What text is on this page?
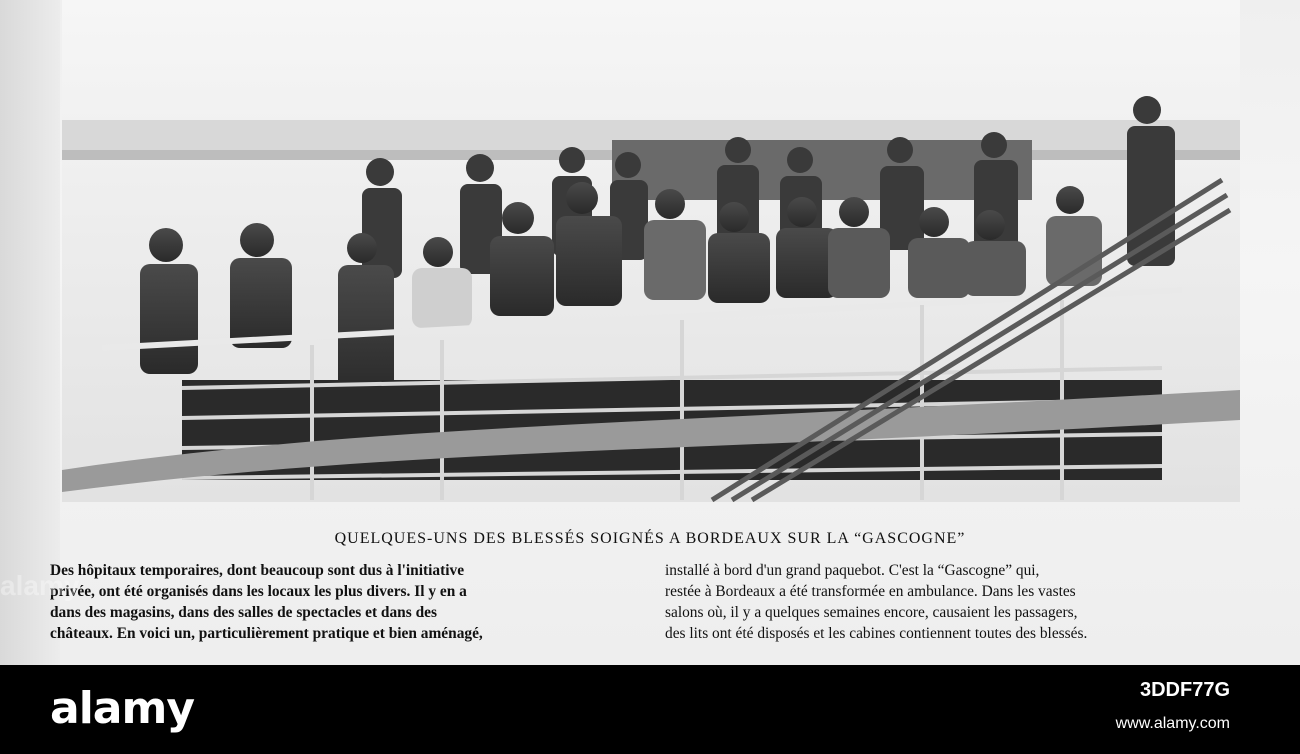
QUELQUES-UNS DES BLESSÉS SOIGNÉS A BORDEAUX SUR LA “GASCOGNE”

Des hôpitaux temporaires, dont beaucoup sont dus à l'initiative

privée, ont été organisés dans les locaux les plus divers. Il y en a

dans des magasins, dans des salles de spectacles et dans des

châteaux. En voici un, particulièrement pratique et bien aménagé,

installé à bord d'un grand paquebot. C'est la “Gascogne” qui,

restée à Bordeaux a été transformée en ambulance. Dans les vastes

salons où, il y a quelques semaines encore, causaient les passagers,

des lits ont été disposés et les cabines contiennent toutes des blessés.

alamy
alamy	3DDF77G
www.alamy.com
